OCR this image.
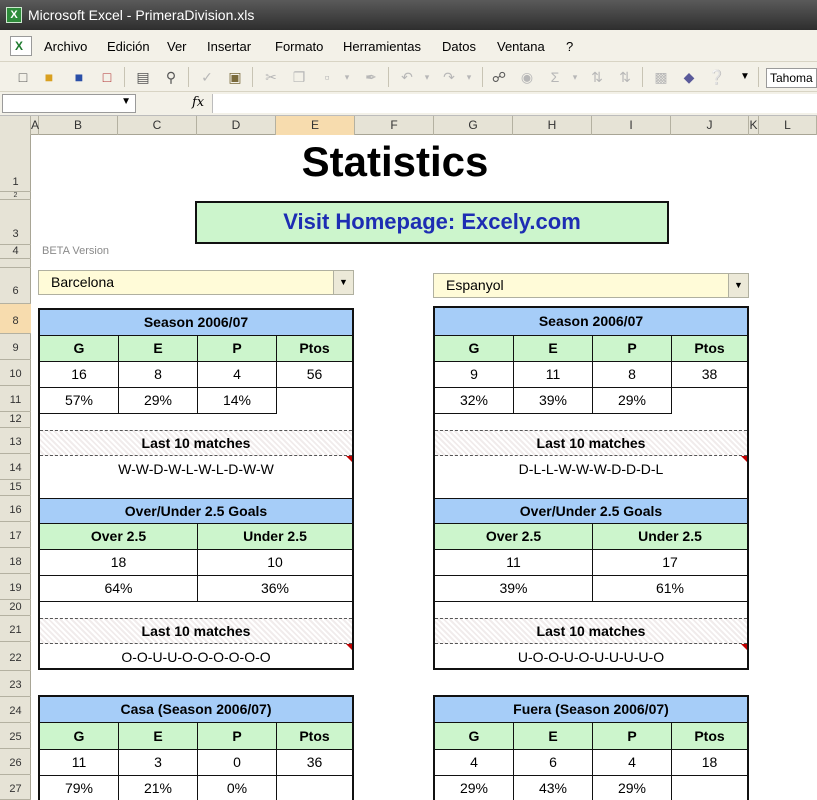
X Microsoft Excel - PrimeraDivision.xls
X
Archivo Edición Ver Insertar Formato Herramientas Datos Ventana ?
□	■	■	□	▤ ⚲ ✓ ▣ ✂ ❐	▫	▾	✒ ↶	▾ ↷	▾	☍ ◉	Σ	▾ ⇅ ⇅ ▩ ◆ ❔	▼	Tahoma
▼	fx
A	B	C	D	E	F	G	H	I	J	K	L
1
2
3
4
6
8
9
10
11
12
13
14
15
16
17
18
19
20
21
22
23
24
25
26
27
Statistics
Visit Homepage: Excely.com
BETA Version
Barcelona	▼	Espanyol	▼
Season 2006/07
G	E	P	Ptos
16	8	4	56
57%	29%	14%
Last 10 matches
W-W-D-W-L-W-L-D-W-W
Over/Under 2.5 Goals
Over 2.5	Under 2.5
18	10
64%	36%
Last 10 matches
O-O-U-U-O-O-O-O-O-O
Season 2006/07
G	E	P	Ptos
9	11	8	38
32%	39%	29%
Last 10 matches
D-L-L-W-W-W-D-D-D-L
Over/Under 2.5 Goals
Over 2.5	Under 2.5
11	17
39%	61%
Last 10 matches
U-O-O-U-O-U-U-U-U-O
Casa (Season 2006/07)
G	E	P	Ptos
11	3	0	36
79%	21%	0%
Fuera (Season 2006/07)
G	E	P	Ptos
4	6	4	18
29%	43%	29%
